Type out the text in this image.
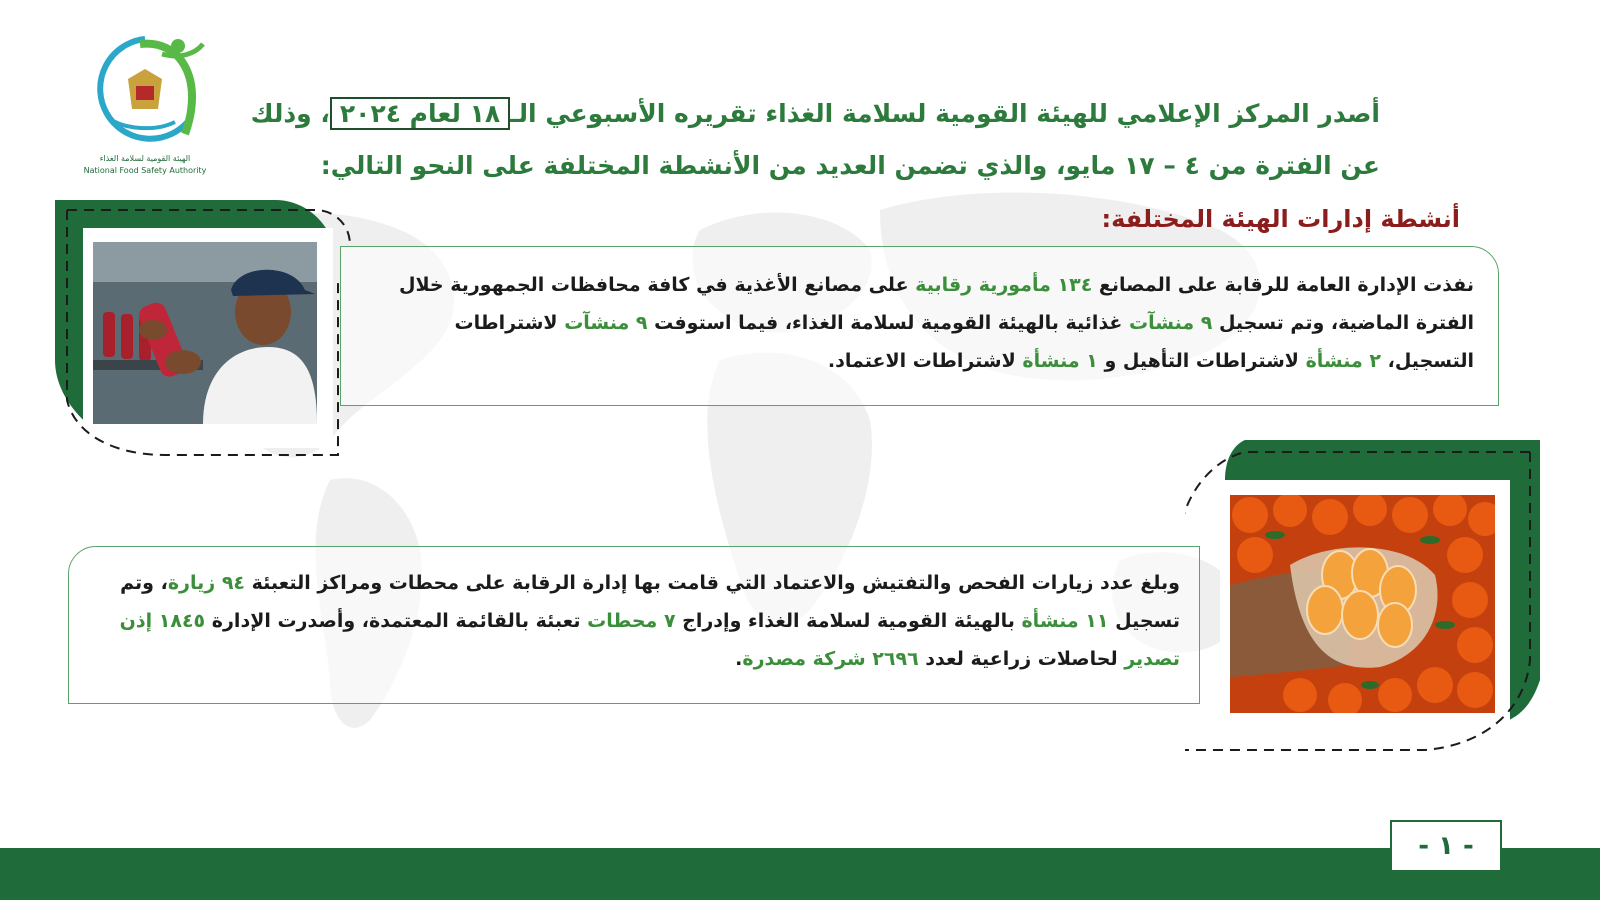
الهيئة القومية لسلامة الغذاء
National Food Safety Authority
أصدر المركز الإعلامي للهيئة القومية لسلامة الغذاء تقريره الأسبوعي الـ١٨ لعام ٢٠٢٤، وذلك عن الفترة من ٤ – ١٧ مايو، والذي تضمن العديد من الأنشطة المختلفة على النحو التالي:
أنشطة إدارات الهيئة المختلفة:
نفذت الإدارة العامة للرقابة على المصانع ١٣٤ مأمورية رقابية على مصانع الأغذية في كافة محافظات الجمهورية خلال الفترة الماضية، وتم تسجيل ٩ منشآت غذائية بالهيئة القومية لسلامة الغذاء، فيما استوفت ٩ منشآت لاشتراطات التسجيل، ٢ منشأة لاشتراطات التأهيل و ١ منشأة لاشتراطات الاعتماد.
وبلغ عدد زيارات الفحص والتفتيش والاعتماد التي قامت بها إدارة الرقابة على محطات ومراكز التعبئة ٩٤ زيارة، وتم تسجيل ١١ منشأة بالهيئة القومية لسلامة الغذاء وإدراج ٧ محطات تعبئة بالقائمة المعتمدة، وأصدرت الإدارة ١٨٤٥ إذن تصدير لحاصلات زراعية لعدد ٢٦٩٦ شركة مصدرة.
- ١ -
